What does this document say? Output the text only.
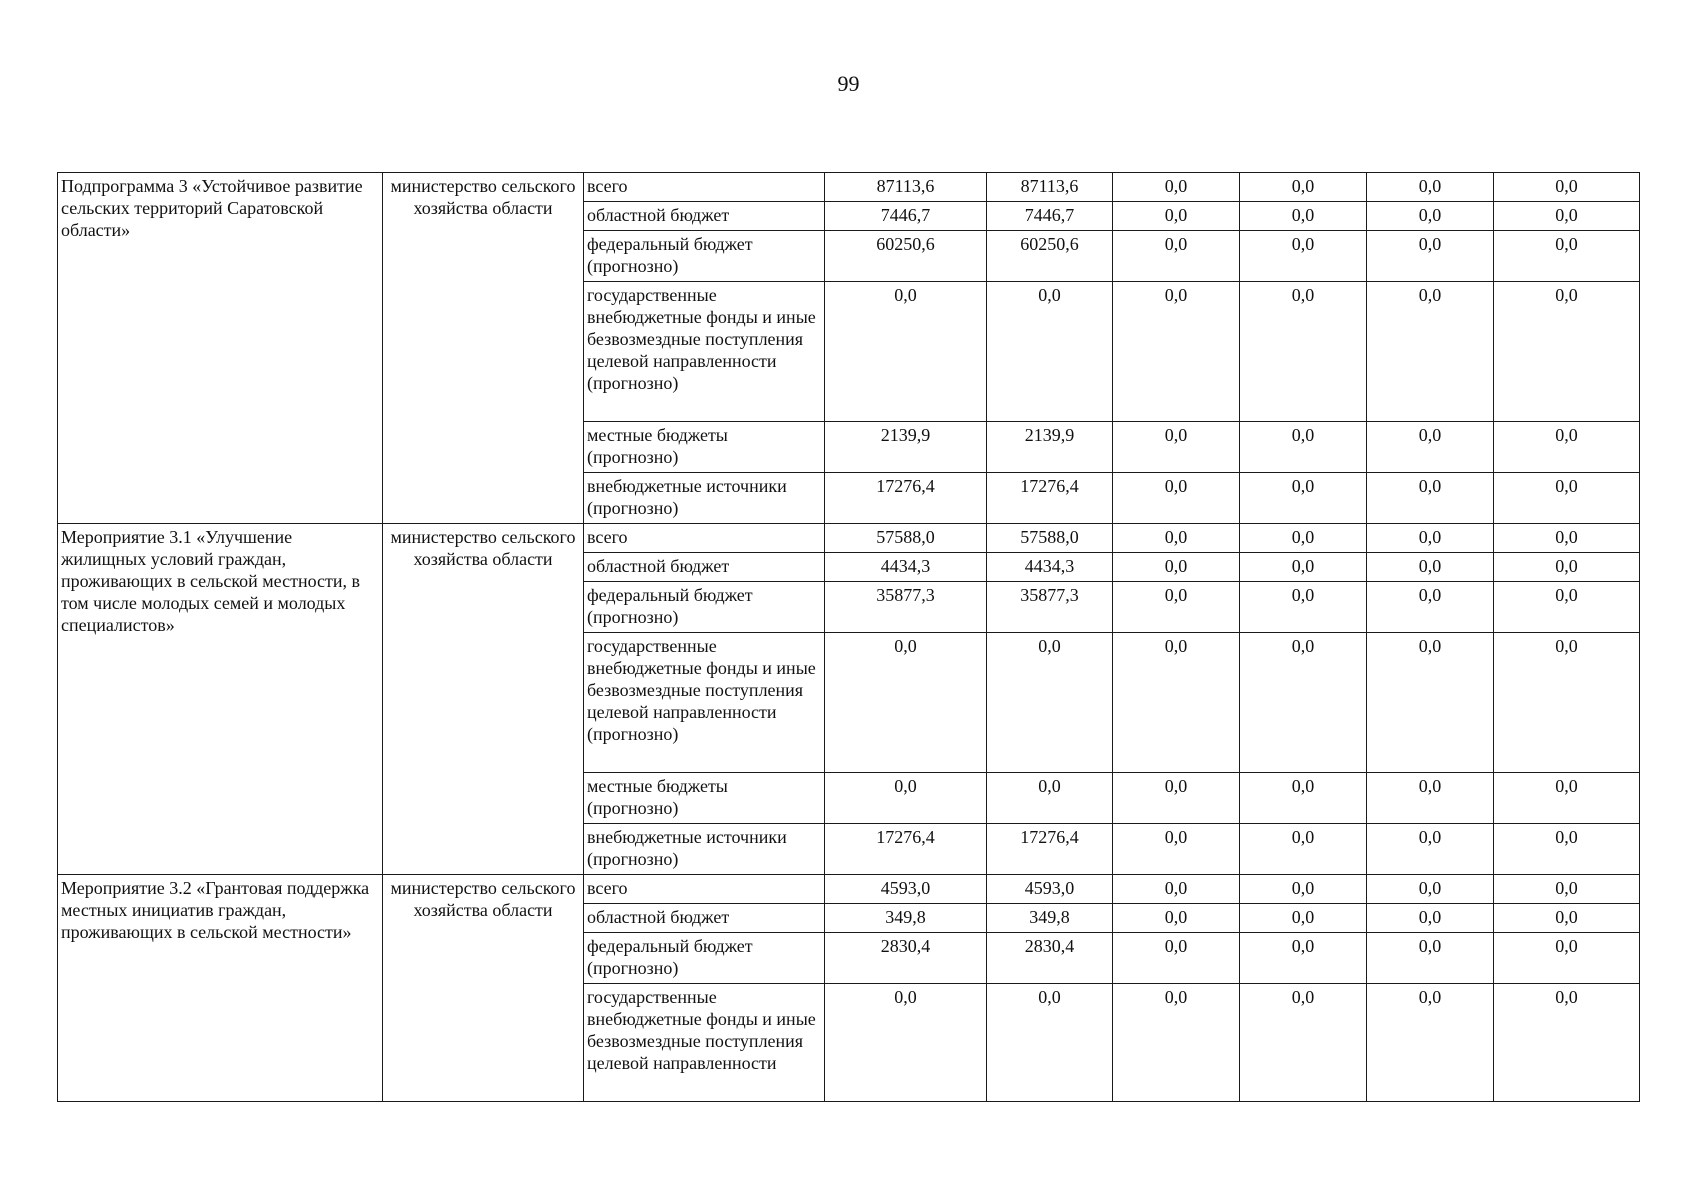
99
Подпрограмма 3 «Устойчивое развитие сельских территорий Саратовской области»	министерство сельского хозяйства области	всего	87113,6	87113,6	0,0	0,0	0,0	0,0
		областной бюджет	7446,7	7446,7	0,0	0,0	0,0	0,0
		федеральный бюджет (прогнозно)	60250,6	60250,6	0,0	0,0	0,0	0,0
		государственные внебюджетные фонды и иные безвозмездные поступления целевой направленности (прогнозно)	0,0	0,0	0,0	0,0	0,0	0,0
		местные бюджеты (прогнозно)	2139,9	2139,9	0,0	0,0	0,0	0,0
		внебюджетные источники (прогнозно)	17276,4	17276,4	0,0	0,0	0,0	0,0
Мероприятие 3.1 «Улучшение жилищных условий граждан, проживающих в сельской местности, в том числе молодых семей и молодых специалистов»	министерство сельского хозяйства области	всего	57588,0	57588,0	0,0	0,0	0,0	0,0
		областной бюджет	4434,3	4434,3	0,0	0,0	0,0	0,0
		федеральный бюджет (прогнозно)	35877,3	35877,3	0,0	0,0	0,0	0,0
		государственные внебюджетные фонды и иные безвозмездные поступления целевой направленности (прогнозно)	0,0	0,0	0,0	0,0	0,0	0,0
		местные бюджеты (прогнозно)	0,0	0,0	0,0	0,0	0,0	0,0
		внебюджетные источники (прогнозно)	17276,4	17276,4	0,0	0,0	0,0	0,0
Мероприятие 3.2 «Грантовая поддержка местных инициатив граждан, проживающих в сельской местности»	министерство сельского хозяйства области	всего	4593,0	4593,0	0,0	0,0	0,0	0,0
		областной бюджет	349,8	349,8	0,0	0,0	0,0	0,0
		федеральный бюджет (прогнозно)	2830,4	2830,4	0,0	0,0	0,0	0,0
		государственные внебюджетные фонды и иные безвозмездные поступления целевой направленности	0,0	0,0	0,0	0,0	0,0	0,0
